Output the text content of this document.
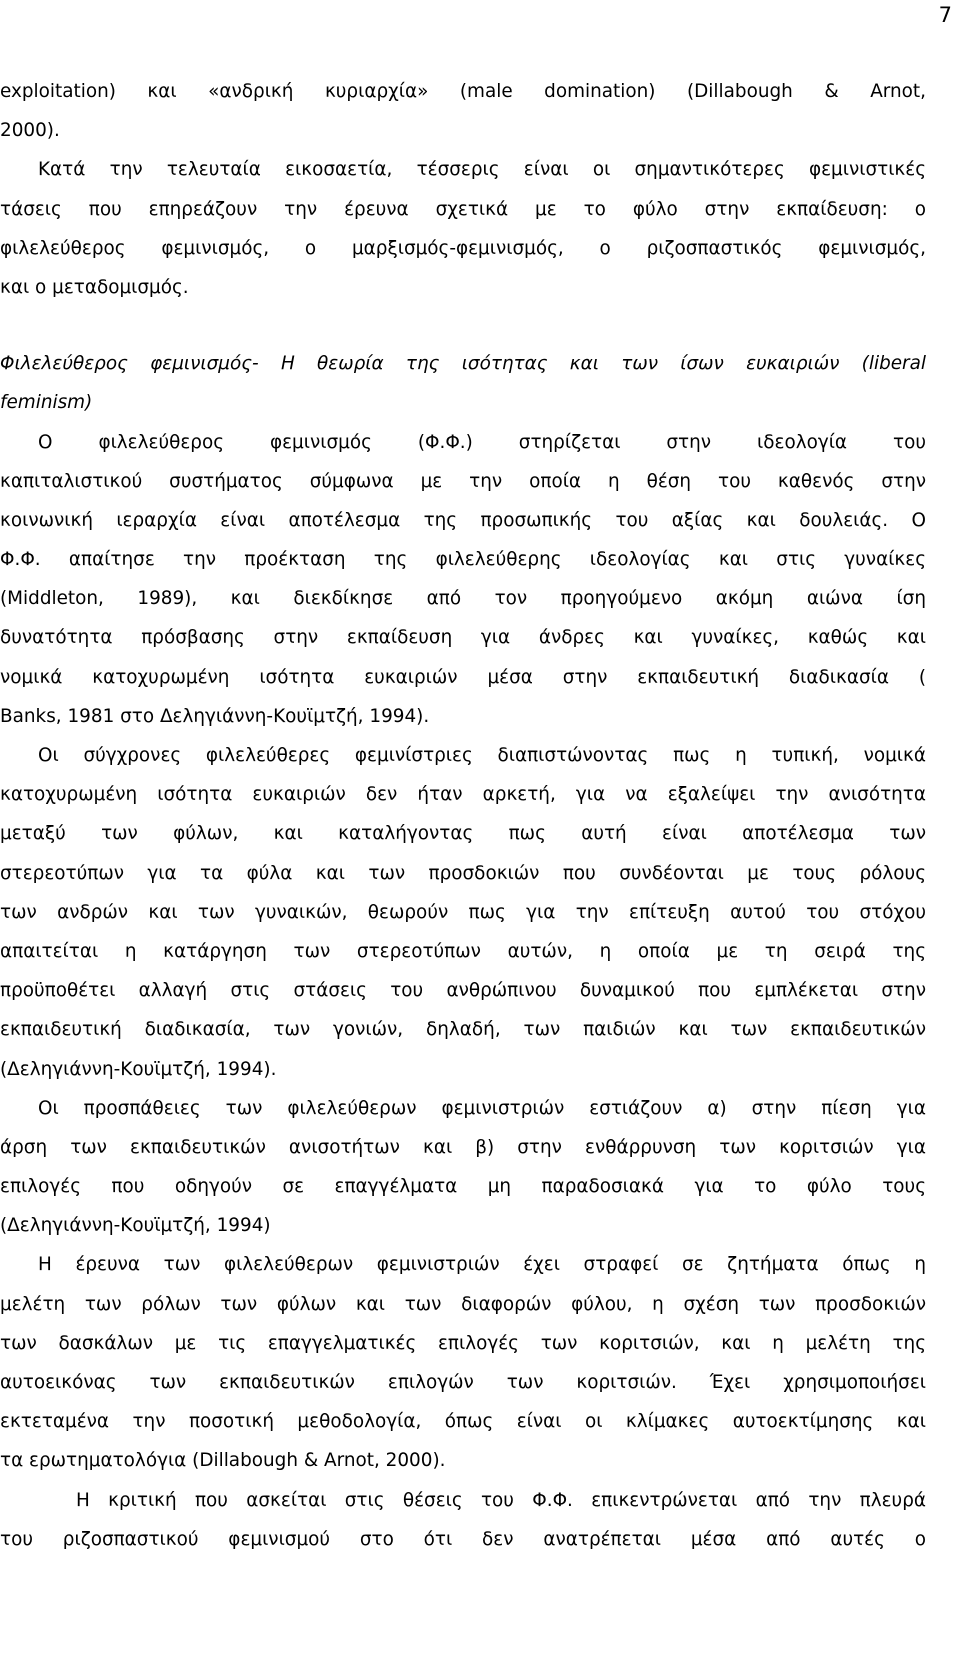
7
exploitation) και «ανδρική κυριαρχία» (male domination) (Dillabough & Arnot,
2000).
Κατά την τελευταία εικοσαετία, τέσσερις είναι οι σημαντικότερες φεμινιστικές
τάσεις που επηρεάζουν την έρευνα σχετικά με το φύλο στην εκπαίδευση: ο
φιλελεύθερος φεμινισμός, ο μαρξισμός-φεμινισμός, ο ριζοσπαστικός φεμινισμός,
και ο μεταδομισμός.
Φιλελεύθερος φεμινισμός- Η θεωρία της ισότητας και των ίσων ευκαιριών (liberal
feminism)
Ο φιλελεύθερος φεμινισμός (Φ.Φ.) στηρίζεται στην ιδεολογία του
καπιταλιστικού συστήματος σύμφωνα με την οποία η θέση του καθενός στην
κοινωνική ιεραρχία είναι αποτέλεσμα της προσωπικής του αξίας και δουλειάς. Ο
Φ.Φ. απαίτησε την προέκταση της φιλελεύθερης ιδεολογίας και στις γυναίκες
(Middleton, 1989), και διεκδίκησε από τον προηγούμενο ακόμη αιώνα ίση
δυνατότητα πρόσβασης στην εκπαίδευση για άνδρες και γυναίκες, καθώς και
νομικά κατοχυρωμένη ισότητα ευκαιριών μέσα στην εκπαιδευτική διαδικασία (
Banks, 1981 στο Δεληγιάννη-Κουϊμτζή, 1994).
Οι σύγχρονες φιλελεύθερες φεμινίστριες διαπιστώνοντας πως η τυπική, νομικά
κατοχυρωμένη ισότητα ευκαιριών δεν ήταν αρκετή, για να εξαλείψει την ανισότητα
μεταξύ των φύλων, και καταλήγοντας πως αυτή είναι αποτέλεσμα των
στερεοτύπων για τα φύλα και των προσδοκιών που συνδέονται με τους ρόλους
των ανδρών και των γυναικών, θεωρούν πως για την επίτευξη αυτού του στόχου
απαιτείται η κατάργηση των στερεοτύπων αυτών, η οποία με τη σειρά της
προϋποθέτει αλλαγή στις στάσεις του ανθρώπινου δυναμικού που εμπλέκεται στην
εκπαιδευτική διαδικασία, των γονιών, δηλαδή, των παιδιών και των εκπαιδευτικών
(Δεληγιάννη-Κουϊμτζή, 1994).
Οι προσπάθειες των φιλελεύθερων φεμινιστριών εστιάζουν α) στην πίεση για
άρση των εκπαιδευτικών ανισοτήτων και β) στην ενθάρρυνση των κοριτσιών για
επιλογές που οδηγούν σε επαγγέλματα μη παραδοσιακά για το φύλο τους
(Δεληγιάννη-Κουϊμτζή, 1994)
Η έρευνα των φιλελεύθερων φεμινιστριών έχει στραφεί σε ζητήματα όπως η
μελέτη των ρόλων των φύλων και των διαφορών φύλου, η σχέση των προσδοκιών
των δασκάλων με τις επαγγελματικές επιλογές των κοριτσιών, και η μελέτη της
αυτοεικόνας των εκπαιδευτικών επιλογών των κοριτσιών. Έχει χρησιμοποιήσει
εκτεταμένα την ποσοτική μεθοδολογία, όπως είναι οι κλίμακες αυτοεκτίμησης και
τα ερωτηματολόγια (Dillabough & Arnot, 2000).
Η κριτική που ασκείται στις θέσεις του Φ.Φ. επικεντρώνεται από την πλευρά
του ριζοσπαστικού φεμινισμού στο ότι δεν ανατρέπεται μέσα από αυτές ο
